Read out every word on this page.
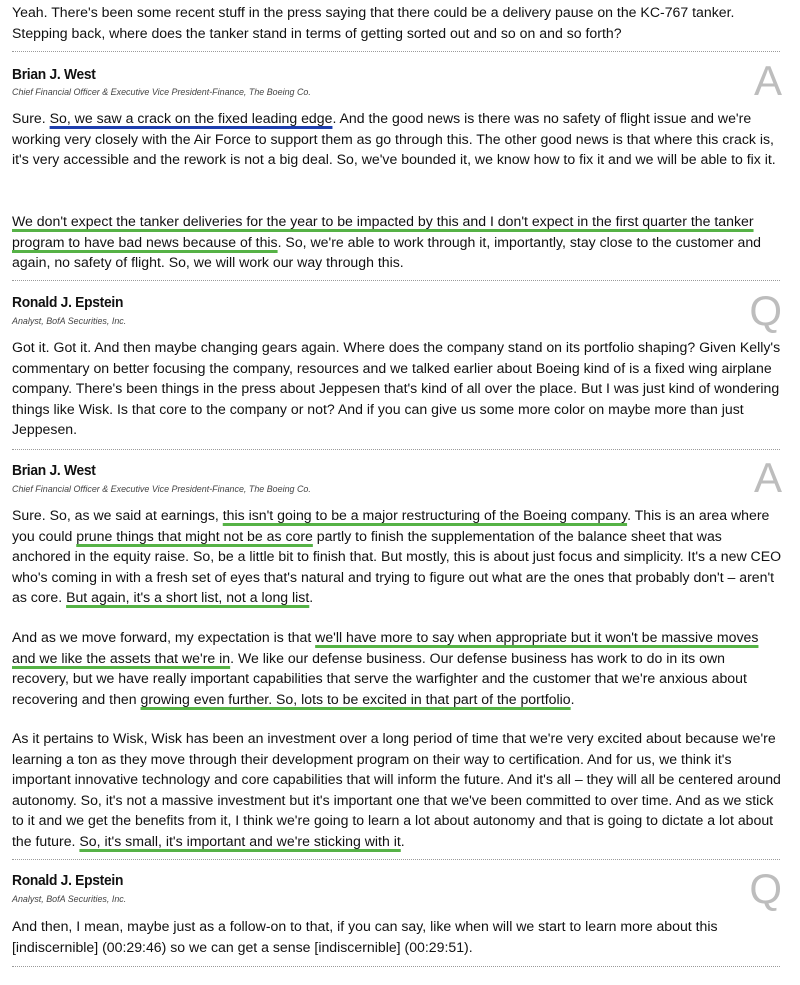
Yeah. There's been some recent stuff in the press saying that there could be a delivery pause on the KC-767 tanker. Stepping back, where does the tanker stand in terms of getting sorted out and so on and so forth?

Brian J. West

Chief Financial Officer & Executive Vice President-Finance, The Boeing Co.	A

Sure. So, we saw a crack on the fixed leading edge. And the good news is there was no safety of flight issue and we're working very closely with the Air Force to support them as go through this. The other good news is that where this crack is, it's very accessible and the rework is not a big deal. So, we've bounded it, we know how to fix it and we will be able to fix it.

We don't expect the tanker deliveries for the year to be impacted by this and I don't expect in the first quarter the tanker program to have bad news because of this. So, we're able to work through it, importantly, stay close to the customer and again, no safety of flight. So, we will work our way through this.

Ronald J. Epstein

Analyst, BofA Securities, Inc.	Q

Got it. Got it. And then maybe changing gears again. Where does the company stand on its portfolio shaping? Given Kelly's commentary on better focusing the company, resources and we talked earlier about Boeing kind of is a fixed wing airplane company. There's been things in the press about Jeppesen that's kind of all over the place. But I was just kind of wondering things like Wisk. Is that core to the company or not? And if you can give us some more color on maybe more than just Jeppesen.

Brian J. West

Chief Financial Officer & Executive Vice President-Finance, The Boeing Co.	A

Sure. So, as we said at earnings, this isn't going to be a major restructuring of the Boeing company. This is an area where you could prune things that might not be as core partly to finish the supplementation of the balance sheet that was anchored in the equity raise. So, be a little bit to finish that. But mostly, this is about just focus and simplicity. It's a new CEO who's coming in with a fresh set of eyes that's natural and trying to figure out what are the ones that probably don't – aren't as core. But again, it's a short list, not a long list.

And as we move forward, my expectation is that we'll have more to say when appropriate but it won't be massive moves and we like the assets that we're in. We like our defense business. Our defense business has work to do in its own recovery, but we have really important capabilities that serve the warfighter and the customer that we're anxious about recovering and then growing even further. So, lots to be excited in that part of the portfolio.

As it pertains to Wisk, Wisk has been an investment over a long period of time that we're very excited about because we're learning a ton as they move through their development program on their way to certification. And for us, we think it's important innovative technology and core capabilities that will inform the future. And it's all – they will all be centered around autonomy. So, it's not a massive investment but it's important one that we've been committed to over time. And as we stick to it and we get the benefits from it, I think we're going to learn a lot about autonomy and that is going to dictate a lot about the future. So, it's small, it's important and we're sticking with it.

Ronald J. Epstein

Analyst, BofA Securities, Inc.	Q

And then, I mean, maybe just as a follow-on to that, if you can say, like when will we start to learn more about this [indiscernible] (00:29:46) so we can get a sense [indiscernible] (00:29:51).
